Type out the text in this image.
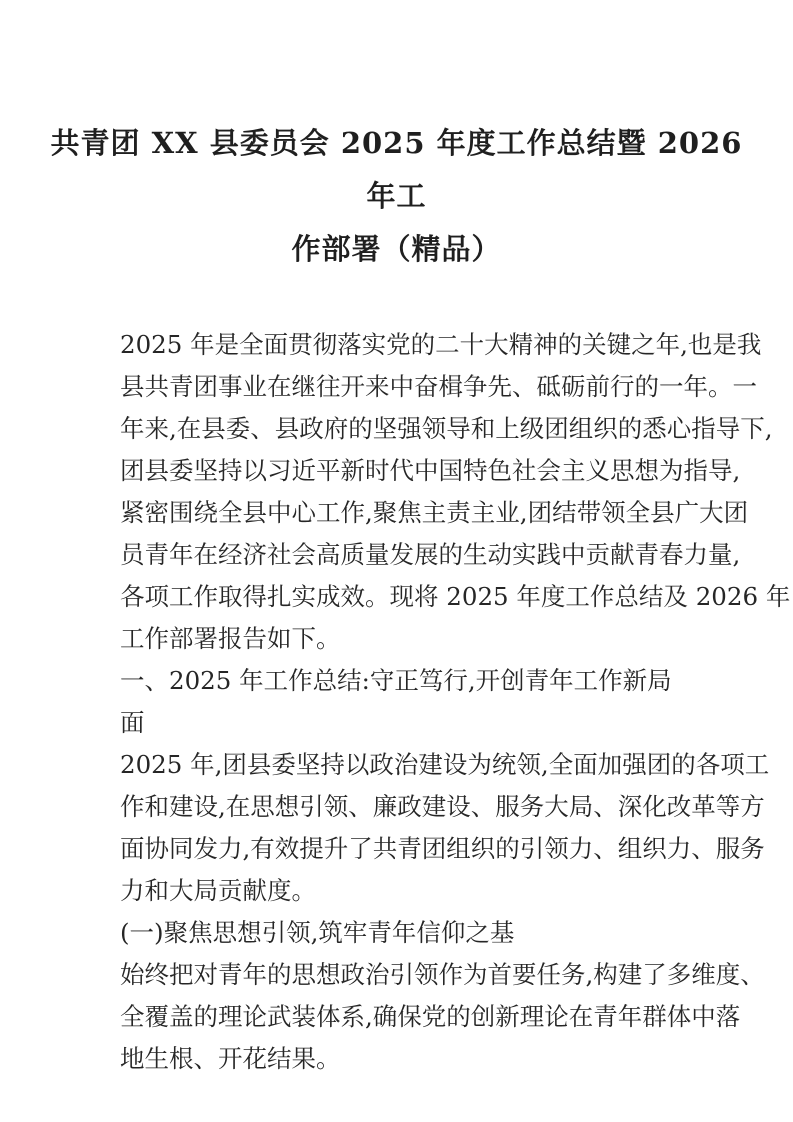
共青团 XX 县委员会 2025 年度工作总结暨 2026 年工
作部署（精品）
2025 年是全面贯彻落实党的二十大精神的关键之年,也是我
县共青团事业在继往开来中奋楫争先、砥砺前行的一年。一
年来,在县委、县政府的坚强领导和上级团组织的悉心指导下,
团县委坚持以习近平新时代中国特色社会主义思想为指导,
紧密围绕全县中心工作,聚焦主责主业,团结带领全县广大团
员青年在经济社会高质量发展的生动实践中贡献青春力量,
各项工作取得扎实成效。现将 2025 年度工作总结及 2026 年
工作部署报告如下。
一、2025 年工作总结:守正笃行,开创青年工作新局面
2025 年,团县委坚持以政治建设为统领,全面加强团的各项工
作和建设,在思想引领、廉政建设、服务大局、深化改革等方
面协同发力,有效提升了共青团组织的引领力、组织力、服务
力和大局贡献度。
(一)聚焦思想引领,筑牢青年信仰之基
始终把对青年的思想政治引领作为首要任务,构建了多维度、
全覆盖的理论武装体系,确保党的创新理论在青年群体中落
地生根、开花结果。
